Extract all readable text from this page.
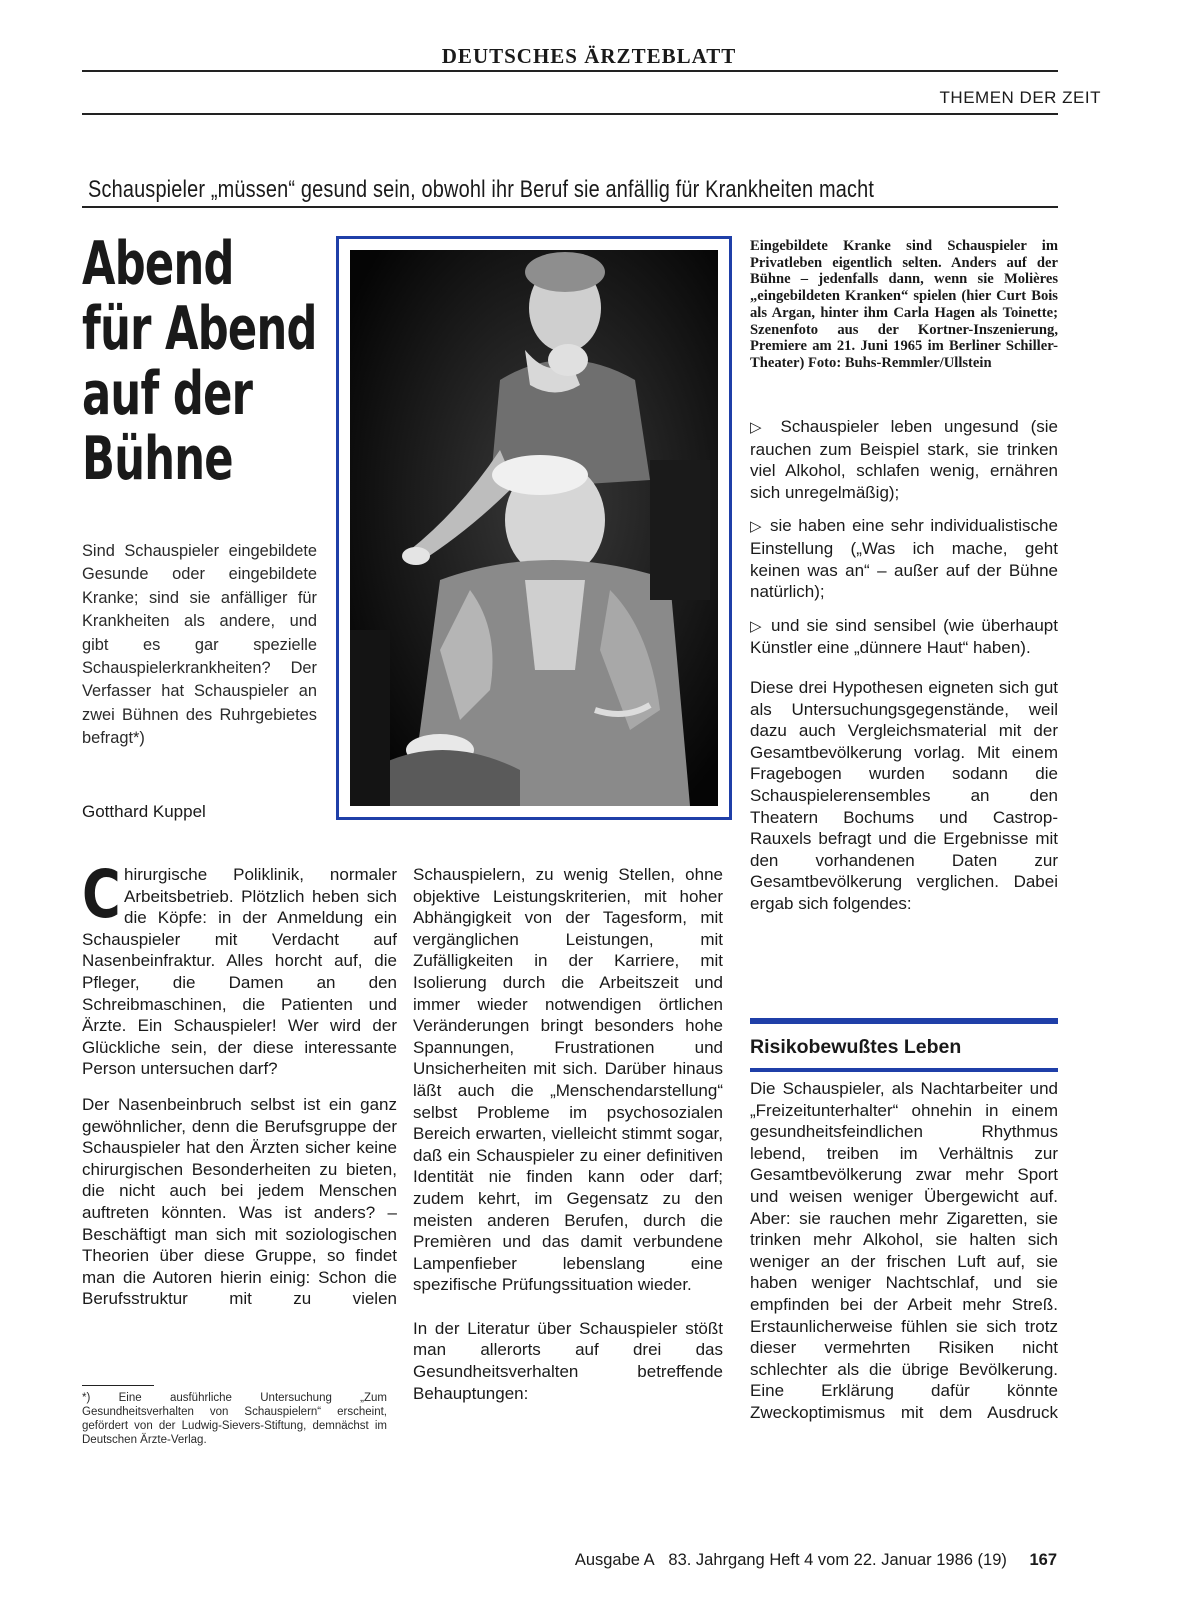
DEUTSCHES ÄRZTEBLATT
THEMEN DER ZEIT
Schauspieler „müssen“ gesund sein, obwohl ihr Beruf sie anfällig für Krankheiten macht
Abend
für Abend
auf der
Bühne
Sind Schauspieler eingebildete Gesunde oder eingebildete Kranke; sind sie anfälliger für Krankheiten als andere, und gibt es gar spezielle Schauspielerkrankheiten? Der Verfasser hat Schauspieler an zwei Bühnen des Ruhrgebietes befragt*)
Gotthard Kuppel
Eingebildete Kranke sind Schauspieler im Privatleben eigentlich selten. Anders auf der Bühne – jedenfalls dann, wenn sie Molières „eingebildeten Kranken“ spielen (hier Curt Bois als Argan, hinter ihm Carla Hagen als Toinette; Szenenfoto aus der Kortner-Inszenierung, Premiere am 21. Juni 1965 im Berliner Schiller-Theater) Foto: Buhs-Remmler/Ullstein

Chirurgische Poliklinik, normaler Arbeitsbetrieb. Plötzlich heben sich die Köpfe: in der Anmeldung ein Schauspieler mit Verdacht auf Nasenbeinfraktur. Alles horcht auf, die Pfleger, die Damen an den Schreibmaschinen, die Patienten und Ärzte. Ein Schauspieler! Wer wird der Glückliche sein, der diese interessante Person untersuchen darf?

Der Nasenbeinbruch selbst ist ein ganz gewöhnlicher, denn die Berufsgruppe der Schauspieler hat den Ärzten sicher keine chirurgischen Besonderheiten zu bieten, die nicht auch bei jedem Menschen auftreten könnten. Was ist anders? – Beschäftigt man sich mit soziologischen Theorien über diese Gruppe, so findet man die Autoren hierin einig: Schon die Berufsstruktur mit zu vielen

*) Eine ausführliche Untersuchung „Zum Gesundheitsverhalten von Schauspielern“ erscheint, gefördert von der Ludwig-Sievers-Stiftung, demnächst im Deutschen Ärzte-Verlag.

Schauspielern, zu wenig Stellen, ohne objektive Leistungskriterien, mit hoher Abhängigkeit von der Tagesform, mit vergänglichen Leistungen, mit Zufälligkeiten in der Karriere, mit Isolierung durch die Arbeitszeit und immer wieder notwendigen örtlichen Veränderungen bringt besonders hohe Spannungen, Frustrationen und Unsicherheiten mit sich. Darüber hinaus läßt auch die „Menschendarstellung“ selbst Probleme im psychosozialen Bereich erwarten, vielleicht stimmt sogar, daß ein Schauspieler zu einer definitiven Identität nie finden kann oder darf; zudem kehrt, im Gegensatz zu den meisten anderen Berufen, durch die Premièren und das damit verbundene Lampenfieber lebenslang eine spezifische Prüfungssituation wieder.

In der Literatur über Schauspieler stößt man allerorts auf drei das Gesundheitsverhalten betreffende Behauptungen:

▷ Schauspieler leben ungesund (sie rauchen zum Beispiel stark, sie trinken viel Alkohol, schlafen wenig, ernähren sich unregelmäßig);

▷ sie haben eine sehr individualistische Einstellung („Was ich mache, geht keinen was an“ – außer auf der Bühne natürlich);

▷ und sie sind sensibel (wie überhaupt Künstler eine „dünnere Haut“ haben).

Diese drei Hypothesen eigneten sich gut als Untersuchungsgegenstände, weil dazu auch Vergleichsmaterial mit der Gesamtbevölkerung vorlag. Mit einem Fragebogen wurden sodann die Schauspielerensembles an den Theatern Bochums und Castrop-Rauxels befragt und die Ergebnisse mit den vorhandenen Daten zur Gesamtbevölkerung verglichen. Dabei ergab sich folgendes:

Risikobewußtes Leben

Die Schauspieler, als Nachtarbeiter und „Freizeitunterhalter“ ohnehin in einem gesundheitsfeindlichen Rhythmus lebend, treiben im Verhältnis zur Gesamtbevölkerung zwar mehr Sport und weisen weniger Übergewicht auf. Aber: sie rauchen mehr Zigaretten, sie trinken mehr Alkohol, sie halten sich weniger an der frischen Luft auf, sie haben weniger Nachtschlaf, und sie empfinden bei der Arbeit mehr Streß. Erstaunlicherweise fühlen sie sich trotz dieser vermehrten Risiken nicht schlechter als die übrige Bevölkerung. Eine Erklärung dafür könnte Zweckoptimismus mit dem Ausdruck

Ausgabe A 83. Jahrgang Heft 4 vom 22. Januar 1986 (19) 167
